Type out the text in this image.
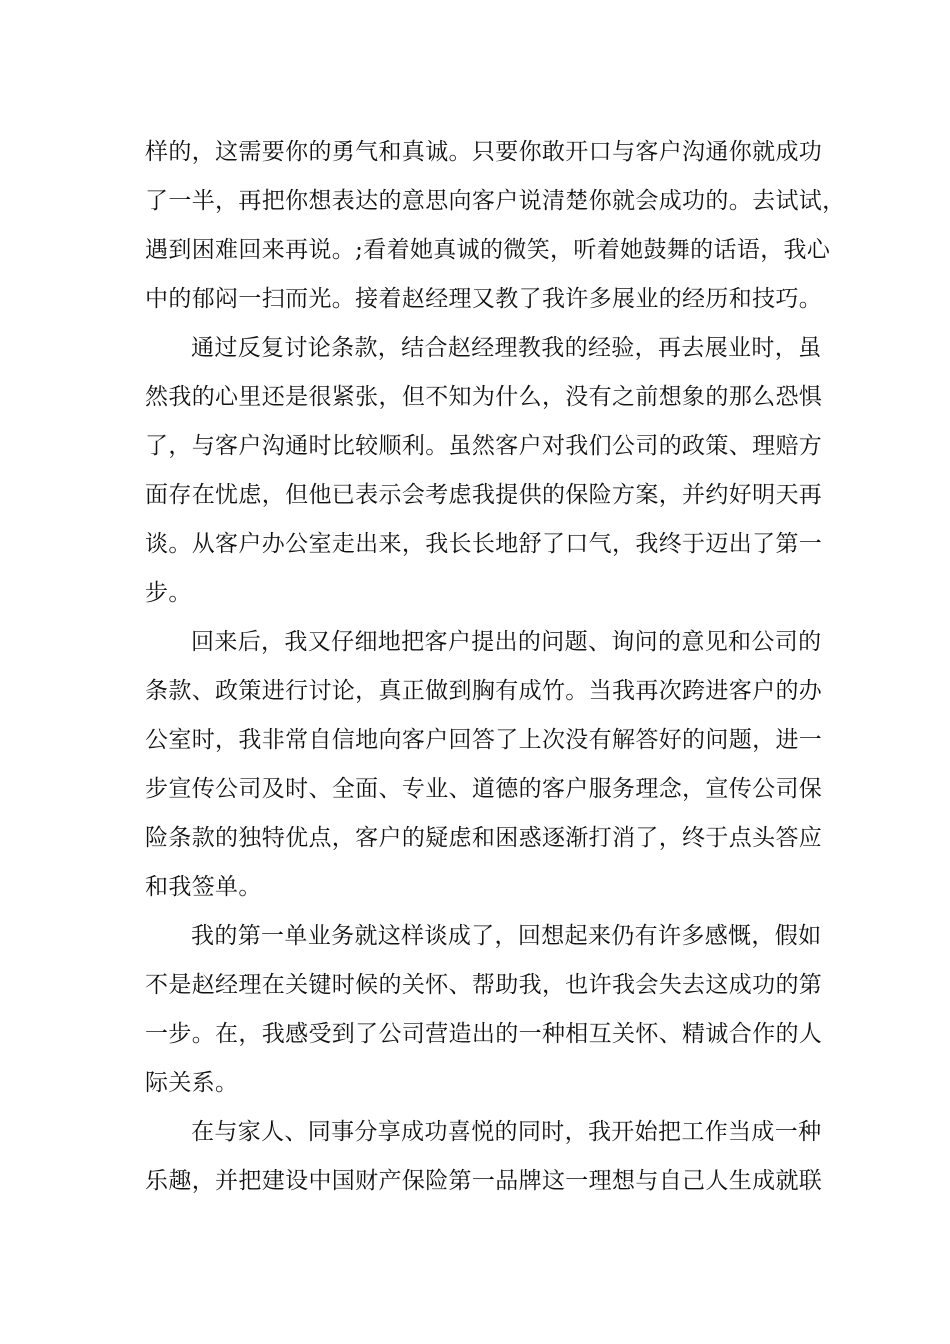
样的，这需要你的勇气和真诚。只要你敢开口与客户沟通你就成功
了一半，再把你想表达的意思向客户说清楚你就会成功的。去试试，
遇到困难回来再说。;看着她真诚的微笑，听着她鼓舞的话语，我心
中的郁闷一扫而光。接着赵经理又教了我许多展业的经历和技巧。

通过反复讨论条款，结合赵经理教我的经验，再去展业时，虽
然我的心里还是很紧张，但不知为什么，没有之前想象的那么恐惧
了，与客户沟通时比较顺利。虽然客户对我们公司的政策、理赔方
面存在忧虑，但他已表示会考虑我提供的保险方案，并约好明天再
谈。从客户办公室走出来，我长长地舒了口气，我终于迈出了第一
步。

回来后，我又仔细地把客户提出的问题、询问的意见和公司的
条款、政策进行讨论，真正做到胸有成竹。当我再次跨进客户的办
公室时，我非常自信地向客户回答了上次没有解答好的问题，进一
步宣传公司及时、全面、专业、道德的客户服务理念，宣传公司保
险条款的独特优点，客户的疑虑和困惑逐渐打消了，终于点头答应
和我签单。

我的第一单业务就这样谈成了，回想起来仍有许多感慨，假如
不是赵经理在关键时候的关怀、帮助我，也许我会失去这成功的第
一步。在，我感受到了公司营造出的一种相互关怀、精诚合作的人
际关系。

在与家人、同事分享成功喜悦的同时，我开始把工作当成一种
乐趣，并把建设中国财产保险第一品牌这一理想与自己人生成就联
